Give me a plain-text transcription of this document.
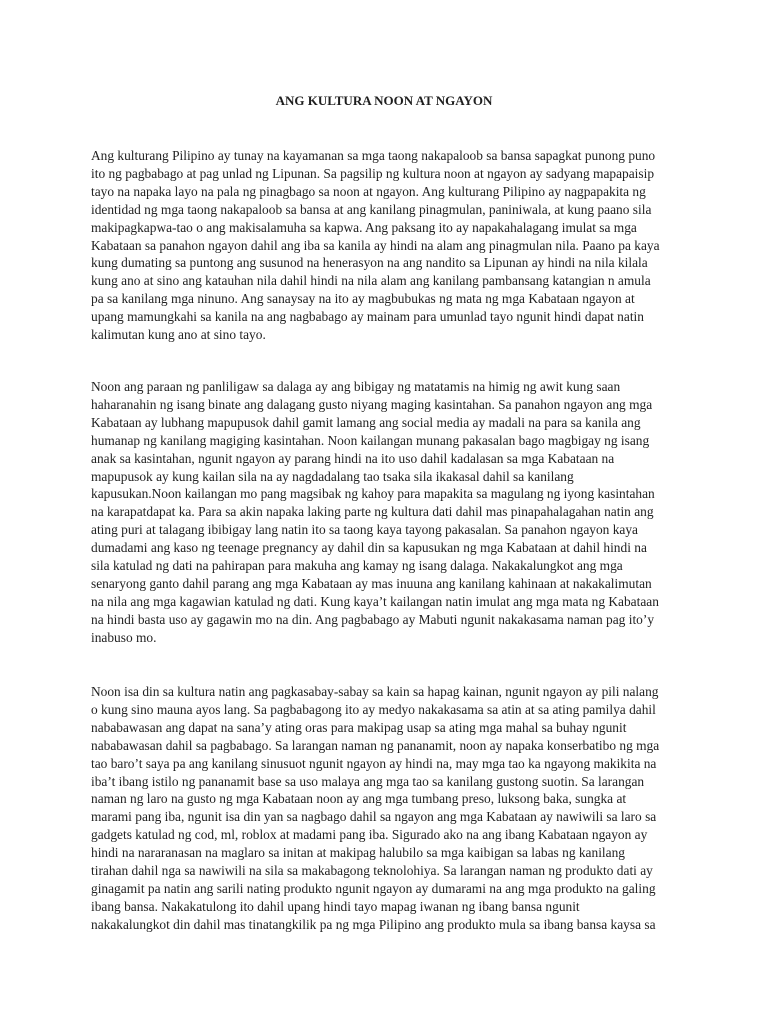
ANG KULTURA NOON AT NGAYON

Ang kulturang Pilipino ay tunay na kayamanan sa mga taong nakapaloob sa bansa sapagkat punong puno
ito ng pagbabago at pag unlad ng Lipunan. Sa pagsilip ng kultura noon at ngayon ay sadyang mapapaisip
tayo na napaka layo na pala ng pinagbago sa noon at ngayon. Ang kulturang Pilipino ay nagpapakita ng
identidad ng mga taong nakapaloob sa bansa at ang kanilang pinagmulan, paniniwala, at kung paano sila
makipagkapwa-tao o ang makisalamuha sa kapwa. Ang paksang ito ay napakahalagang imulat sa mga
Kabataan sa panahon ngayon dahil ang iba sa kanila ay hindi na alam ang pinagmulan nila. Paano pa kaya
kung dumating sa puntong ang susunod na henerasyon na ang nandito sa Lipunan ay hindi na nila kilala
kung ano at sino ang katauhan nila dahil hindi na nila alam ang kanilang pambansang katangian n amula
pa sa kanilang mga ninuno. Ang sanaysay na ito ay magbubukas ng mata ng mga Kabataan ngayon at
upang mamungkahi sa kanila na ang nagbabago ay mainam para umunlad tayo ngunit hindi dapat natin
kalimutan kung ano at sino tayo.

Noon ang paraan ng panliligaw sa dalaga ay ang bibigay ng matatamis na himig ng awit kung saan
haharanahin ng isang binate ang dalagang gusto niyang maging kasintahan. Sa panahon ngayon ang mga
Kabataan ay lubhang mapupusok dahil gamit lamang ang social media ay madali na para sa kanila ang
humanap ng kanilang magiging kasintahan. Noon kailangan munang pakasalan bago magbigay ng isang
anak sa kasintahan, ngunit ngayon ay parang hindi na ito uso dahil kadalasan sa mga Kabataan na
mapupusok ay kung kailan sila na ay nagdadalang tao tsaka sila ikakasal dahil sa kanilang
kapusukan.Noon kailangan mo pang magsibak ng kahoy para mapakita sa magulang ng iyong kasintahan
na karapatdapat ka. Para sa akin napaka laking parte ng kultura dati dahil mas pinapahalagahan natin ang
ating puri at talagang ibibigay lang natin ito sa taong kaya tayong pakasalan. Sa panahon ngayon kaya
dumadami ang kaso ng teenage pregnancy ay dahil din sa kapusukan ng mga Kabataan at dahil hindi na
sila katulad ng dati na pahirapan para makuha ang kamay ng isang dalaga. Nakakalungkot ang mga
senaryong ganto dahil parang ang mga Kabataan ay mas inuuna ang kanilang kahinaan at nakakalimutan
na nila ang mga kagawian katulad ng dati. Kung kaya’t kailangan natin imulat ang mga mata ng Kabataan
na hindi basta uso ay gagawin mo na din. Ang pagbabago ay Mabuti ngunit nakakasama naman pag ito’y
inabuso mo.

Noon isa din sa kultura natin ang pagkasabay-sabay sa kain sa hapag kainan, ngunit ngayon ay pili nalang
o kung sino mauna ayos lang. Sa pagbabagong ito ay medyo nakakasama sa atin at sa ating pamilya dahil
nababawasan ang dapat na sana’y ating oras para makipag usap sa ating mga mahal sa buhay ngunit
nababawasan dahil sa pagbabago. Sa larangan naman ng pananamit, noon ay napaka konserbatibo ng mga
tao baro’t saya pa ang kanilang sinusuot ngunit ngayon ay hindi na, may mga tao ka ngayong makikita na
iba’t ibang istilo ng pananamit base sa uso malaya ang mga tao sa kanilang gustong suotin. Sa larangan
naman ng laro na gusto ng mga Kabataan noon ay ang mga tumbang preso, luksong baka, sungka at
marami pang iba, ngunit isa din yan sa nagbago dahil sa ngayon ang mga Kabataan ay nawiwili sa laro sa
gadgets katulad ng cod, ml, roblox at madami pang iba. Sigurado ako na ang ibang Kabataan ngayon ay
hindi na nararanasan na maglaro sa initan at makipag halubilo sa mga kaibigan sa labas ng kanilang
tirahan dahil nga sa nawiwili na sila sa makabagong teknolohiya. Sa larangan naman ng produkto dati ay
ginagamit pa natin ang sarili nating produkto ngunit ngayon ay dumarami na ang mga produkto na galing
ibang bansa. Nakakatulong ito dahil upang hindi tayo mapag iwanan ng ibang bansa ngunit
nakakalungkot din dahil mas tinatangkilik pa ng mga Pilipino ang produkto mula sa ibang bansa kaysa sa
